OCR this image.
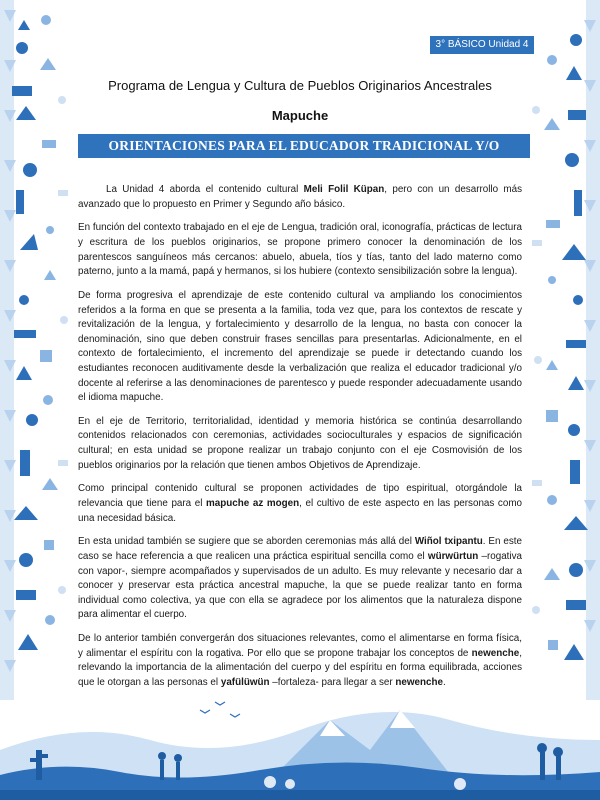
3° BÁSICO Unidad 4
Programa de Lengua y Cultura de Pueblos Originarios Ancestrales
Mapuche
ORIENTACIONES PARA EL EDUCADOR TRADICIONAL Y/O DOCENTE

La Unidad 4 aborda el contenido cultural Meli Folil Küpan, pero con un desarrollo más avanzado que lo propuesto en Primer y Segundo año básico.

En función del contexto trabajado en el eje de Lengua, tradición oral, iconografía, prácticas de lectura y escritura de los pueblos originarios, se propone primero conocer la denominación de los parentescos sanguíneos más cercanos: abuelo, abuela, tíos y tías, tanto del lado materno como paterno, junto a la mamá, papá y hermanos, si los hubiere (contexto sensibilización sobre la lengua).

De forma progresiva el aprendizaje de este contenido cultural va ampliando los conocimientos referidos a la forma en que se presenta a la familia, toda vez que, para los contextos de rescate y revitalización de la lengua, y fortalecimiento y desarrollo de la lengua, no basta con conocer la denominación, sino que deben construir frases sencillas para presentarlas. Adicionalmente, en el contexto de fortalecimiento, el incremento del aprendizaje se puede ir detectando cuando los estudiantes reconocen auditivamente desde la verbalización que realiza el educador tradicional y/o docente al referirse a las denominaciones de parentesco y puede responder adecuadamente usando el idioma mapuche.

En el eje de Territorio, territorialidad, identidad y memoria histórica se continúa desarrollando contenidos relacionados con ceremonias, actividades socioculturales y espacios de significación cultural; en esta unidad se propone realizar un trabajo conjunto con el eje Cosmovisión de los pueblos originarios por la relación que tienen ambos Objetivos de Aprendizaje.

Como principal contenido cultural se proponen actividades de tipo espiritual, otorgándole la relevancia que tiene para el mapuche az mogen, el cultivo de este aspecto en las personas como una necesidad básica.

En esta unidad también se sugiere que se aborden ceremonias más allá del Wiñol txipantu. En este caso se hace referencia a que realicen una práctica espiritual sencilla como el würwürtun –rogativa con vapor-, siempre acompañados y supervisados de un adulto. Es muy relevante y necesario dar a conocer y preservar esta práctica ancestral mapuche, la que se puede realizar tanto en forma individual como colectiva, ya que con ella se agradece por los alimentos que la naturaleza dispone para alimentar el cuerpo.

De lo anterior también convergerán dos situaciones relevantes, como el alimentarse en forma física, y alimentar el espíritu con la rogativa. Por ello que se propone trabajar los conceptos de newenche, relevando la importancia de la alimentación del cuerpo y del espíritu en forma equilibrada, acciones que le otorgan a las personas el yafülüwün –fortaleza- para llegar a ser newenche.
